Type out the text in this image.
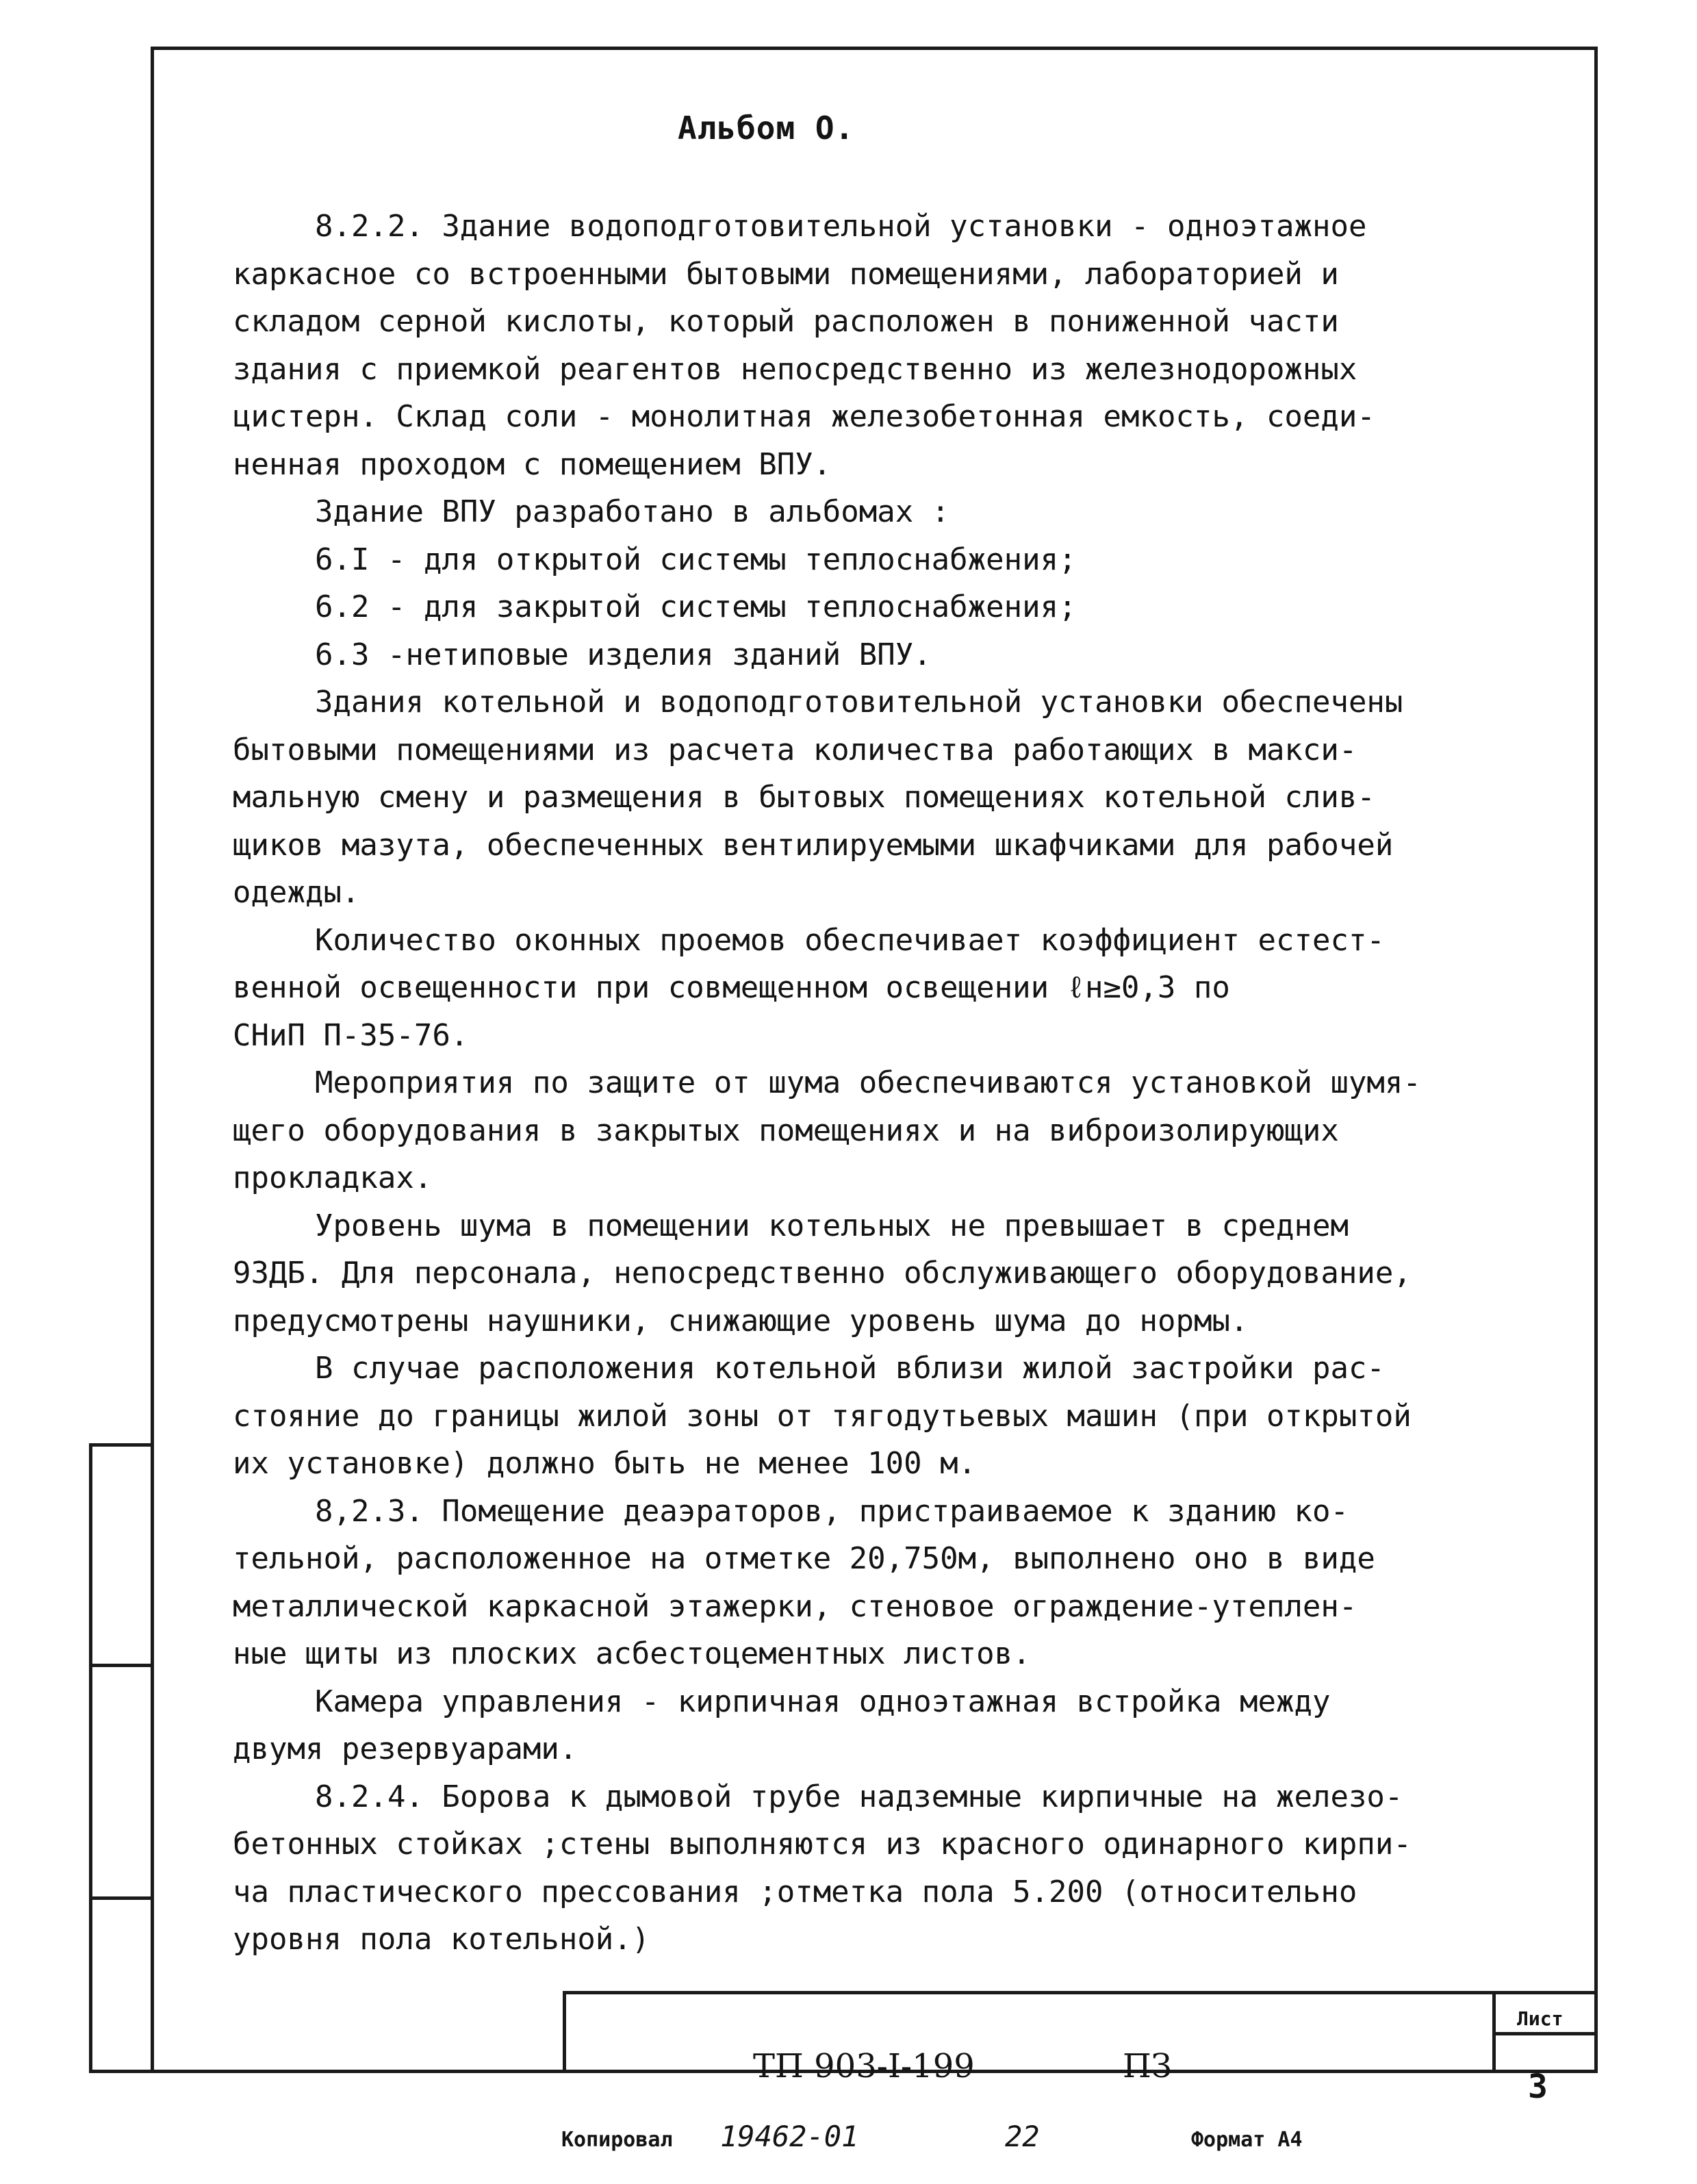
Альбом О.
8.2.2. Здание водоподготовительной установки - одноэтажное
каркасное со встроенными бытовыми помещениями, лабораторией и
складом серной кислоты, который расположен в пониженной части
здания с приемкой реагентов непосредственно из железнодорожных
цистерн. Склад соли - монолитная железобетонная емкость, соеди-
ненная проходом с помещением ВПУ.
Здание ВПУ разработано в альбомах :
6.I - для открытой системы теплоснабжения;
6.2 - для закрытой системы теплоснабжения;
6.3 -нетиповые изделия зданий ВПУ.
Здания котельной и водоподготовительной установки обеспечены
бытовыми помещениями из расчета количества работающих в макси-
мальную смену и размещения в бытовых помещениях котельной слив-
щиков мазута, обеспеченных вентилируемыми шкафчиками для рабочей
одежды.
Количество оконных проемов обеспечивает коэффициент естест-
венной освещенности при совмещенном освещении ℓн≥0,3 по
СНиП П-35-76.
Мероприятия по защите от шума обеспечиваются установкой шумя-
щего оборудования в закрытых помещениях и на виброизолирующих
прокладках.
Уровень шума в помещении котельных не превышает в среднем
93ДБ. Для персонала, непосредственно обслуживающего оборудование,
предусмотрены наушники, снижающие уровень шума до нормы.
В случае расположения котельной вблизи жилой застройки рас-
стояние до границы жилой зоны от тягодутьевых машин (при открытой
их установке) должно быть не менее 100 м.
8,2.3. Помещение деаэраторов, пристраиваемое к зданию ко-
тельной, расположенное на отметке 20,750м, выполнено оно в виде
металлической каркасной этажерки, стеновое ограждение-утеплен-
ные щиты из плоских асбестоцементных листов.
Камера управления - кирпичная одноэтажная встройка между
двумя резервуарами.
8.2.4. Борова к дымовой трубе надземные кирпичные на железо-
бетонных стойках ;стены выполняются из красного одинарного кирпи-
ча пластического прессования ;отметка пола 5.200 (относительно
уровня пола котельной.)
ТП 903-I-199	ПЗ
Лист
3
Копировал 19462-01	22	Формат А4
